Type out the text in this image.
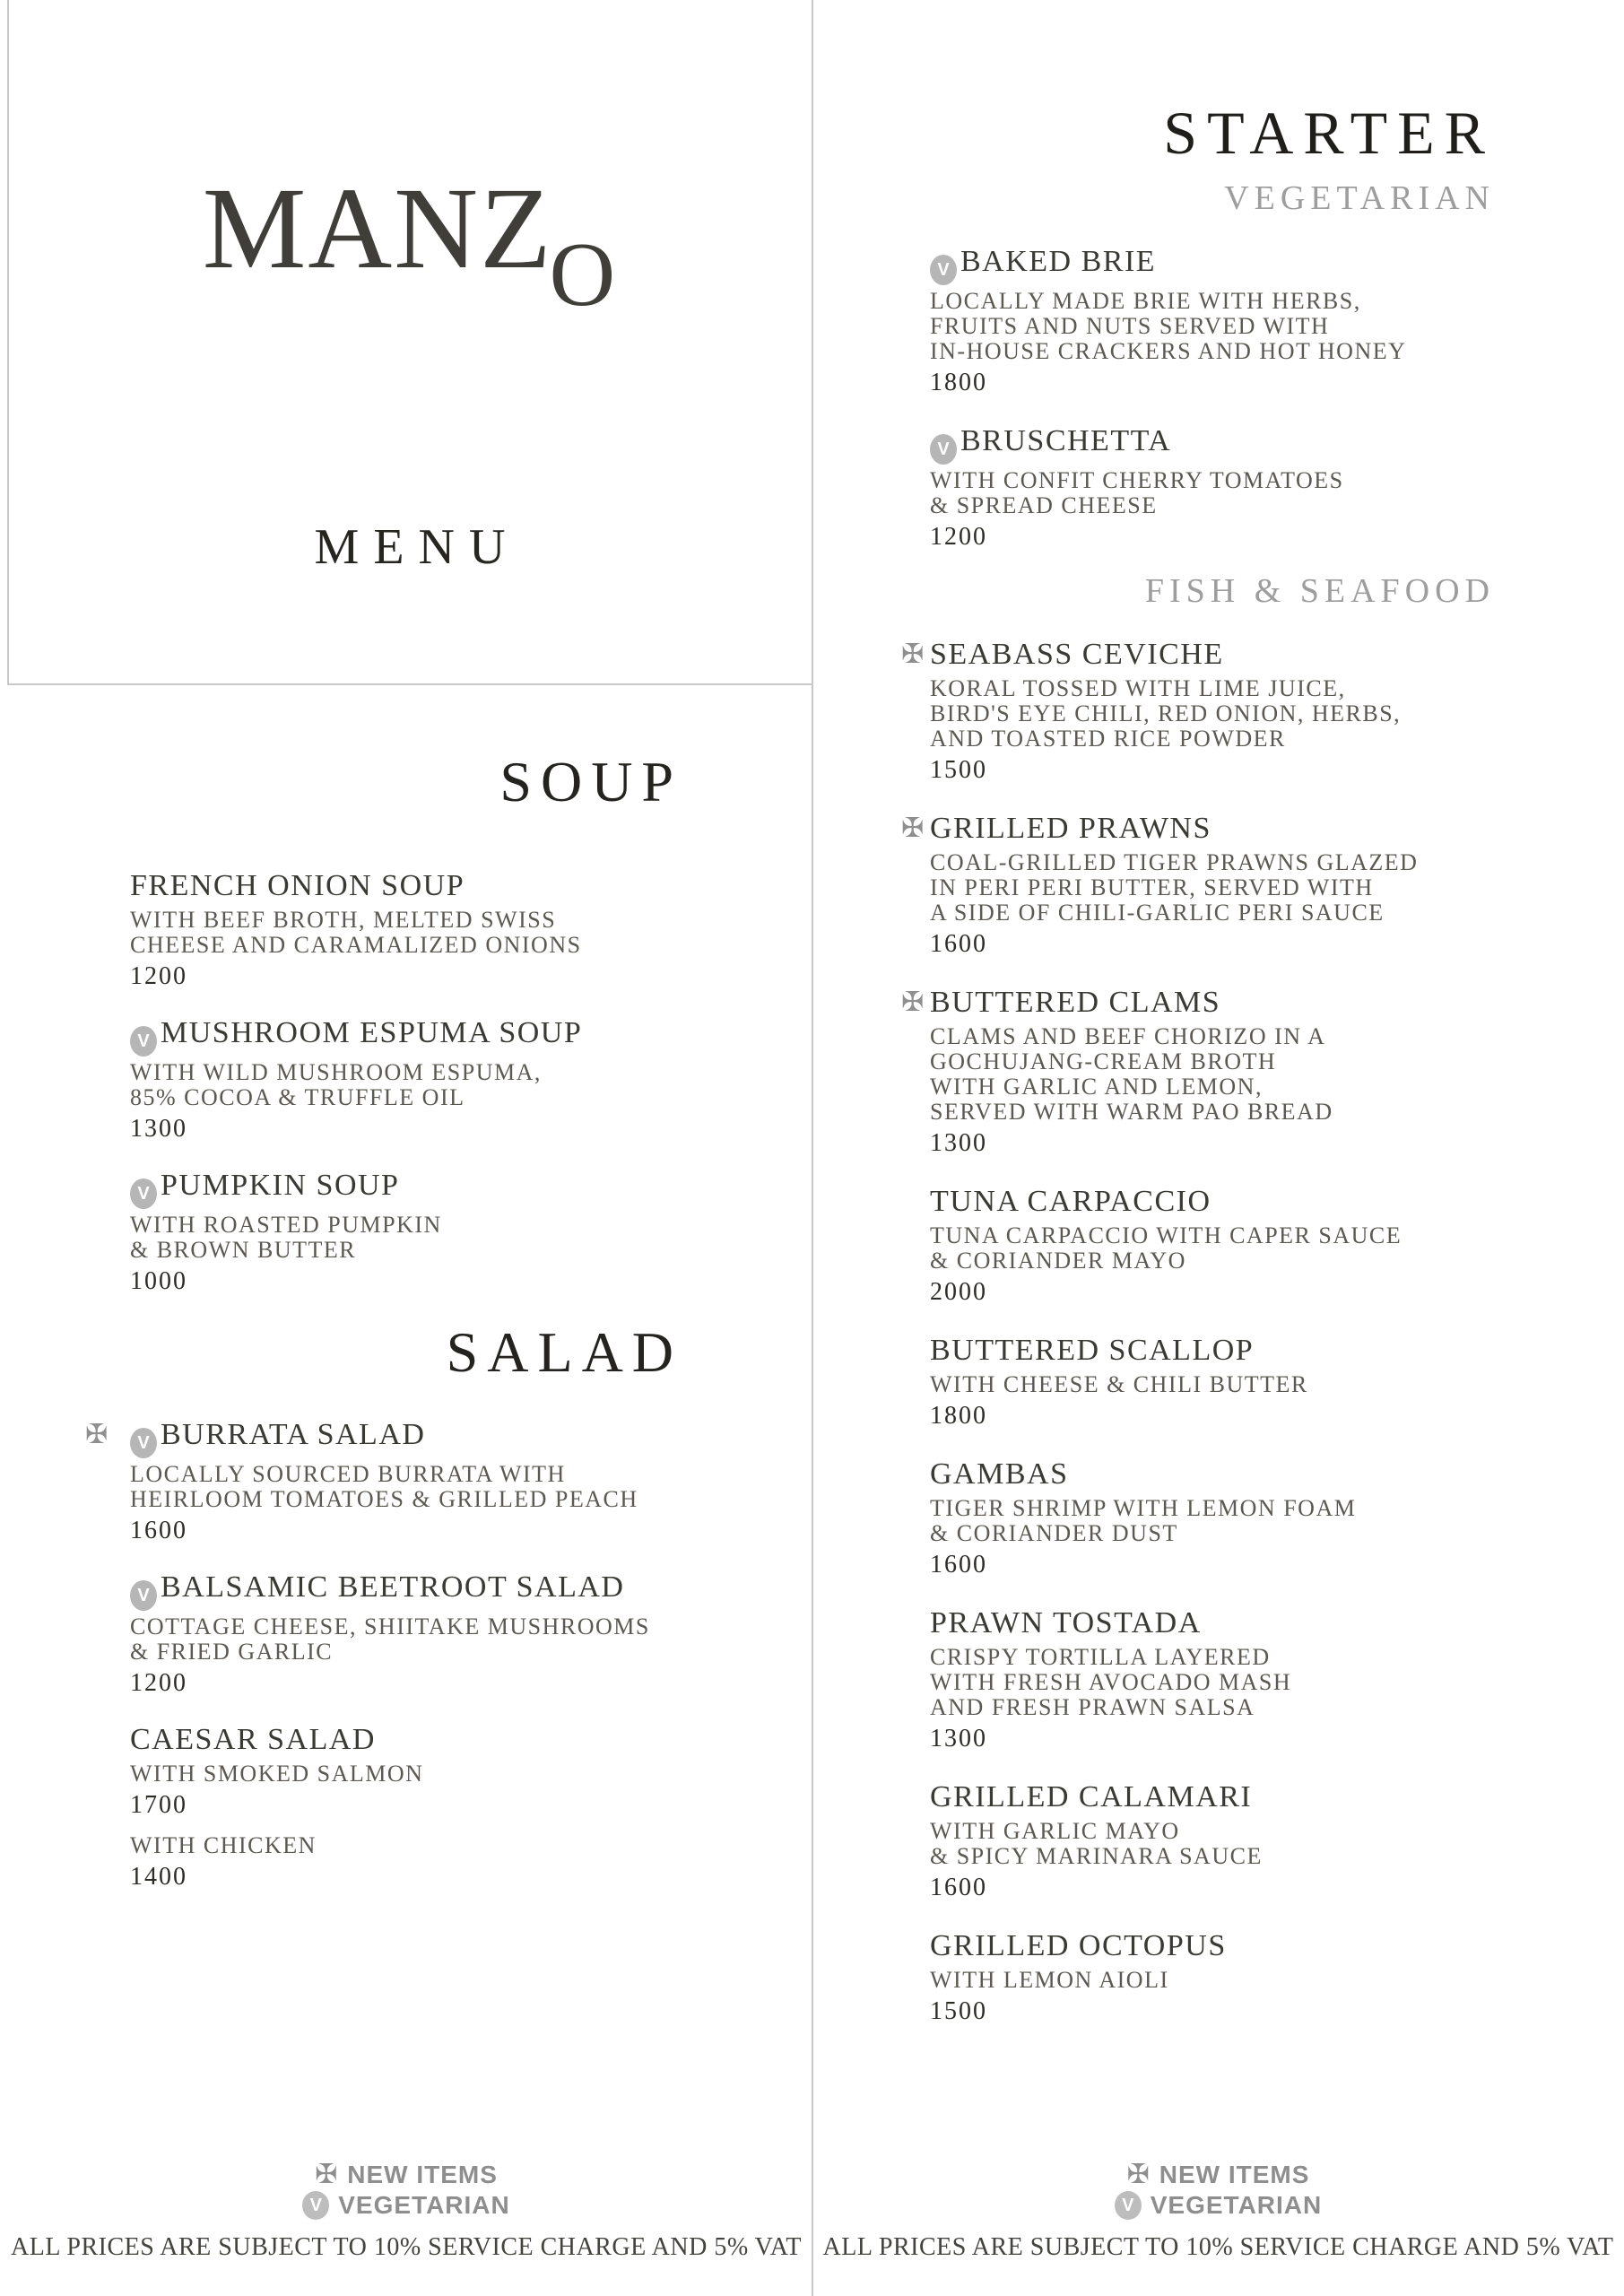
MANZO
MENU
SOUP
FRENCH ONION SOUP
WITH BEEF BROTH, MELTED SWISS
CHEESE AND CARAMALIZED ONIONS
1200
V MUSHROOM ESPUMA SOUP
WITH WILD MUSHROOM ESPUMA,
85% COCOA & TRUFFLE OIL
1300
V PUMPKIN SOUP
WITH ROASTED PUMPKIN
& BROWN BUTTER
1000
SALAD
✠ V BURRATA SALAD
LOCALLY SOURCED BURRATA WITH
HEIRLOOM TOMATOES & GRILLED PEACH
1600
V BALSAMIC BEETROOT SALAD
COTTAGE CHEESE, SHIITAKE MUSHROOMS
& FRIED GARLIC
1200
CAESAR SALAD
WITH SMOKED SALMON
1700
WITH CHICKEN
1400
STARTER
VEGETARIAN
V BAKED BRIE
LOCALLY MADE BRIE WITH HERBS,
FRUITS AND NUTS SERVED WITH
IN-HOUSE CRACKERS AND HOT HONEY
1800
V BRUSCHETTA
WITH CONFIT CHERRY TOMATOES
& SPREAD CHEESE
1200
FISH & SEAFOOD
✠ SEABASS CEVICHE
KORAL TOSSED WITH LIME JUICE,
BIRD'S EYE CHILI, RED ONION, HERBS,
AND TOASTED RICE POWDER
1500
✠ GRILLED PRAWNS
COAL-GRILLED TIGER PRAWNS GLAZED
IN PERI PERI BUTTER, SERVED WITH
A SIDE OF CHILI-GARLIC PERI SAUCE
1600
✠ BUTTERED CLAMS
CLAMS AND BEEF CHORIZO IN A
GOCHUJANG-CREAM BROTH
WITH GARLIC AND LEMON,
SERVED WITH WARM PAO BREAD
1300
TUNA CARPACCIO
TUNA CARPACCIO WITH CAPER SAUCE
& CORIANDER MAYO
2000
BUTTERED SCALLOP
WITH CHEESE & CHILI BUTTER
1800
GAMBAS
TIGER SHRIMP WITH LEMON FOAM
& CORIANDER DUST
1600
PRAWN TOSTADA
CRISPY TORTILLA LAYERED
WITH FRESH AVOCADO MASH
AND FRESH PRAWN SALSA
1300
GRILLED CALAMARI
WITH GARLIC MAYO
& SPICY MARINARA SAUCE
1600
GRILLED OCTOPUS
WITH LEMON AIOLI
1500
✠ NEW ITEMS
V VEGETARIAN
ALL PRICES ARE SUBJECT TO 10% SERVICE CHARGE AND 5% VAT
✠ NEW ITEMS
V VEGETARIAN
ALL PRICES ARE SUBJECT TO 10% SERVICE CHARGE AND 5% VAT
